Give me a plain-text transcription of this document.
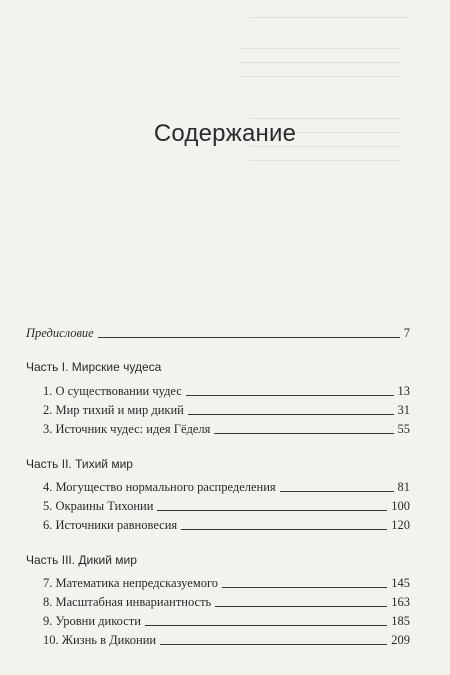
Содержание
Предисловие	7
Часть I. Мирские чудеса
1. О существовании чудес	13
2. Мир тихий и мир дикий	31
3. Источник чудес: идея Гёделя	55
Часть II. Тихий мир
4. Могущество нормального распределения	81
5. Окраины Тихонии	100
6. Источники равновесия	120
Часть III. Дикий мир
7. Математика непредсказуемого	145
8. Масштабная инвариантность	163
9. Уровни дикости	185
10. Жизнь в Диконии	209
